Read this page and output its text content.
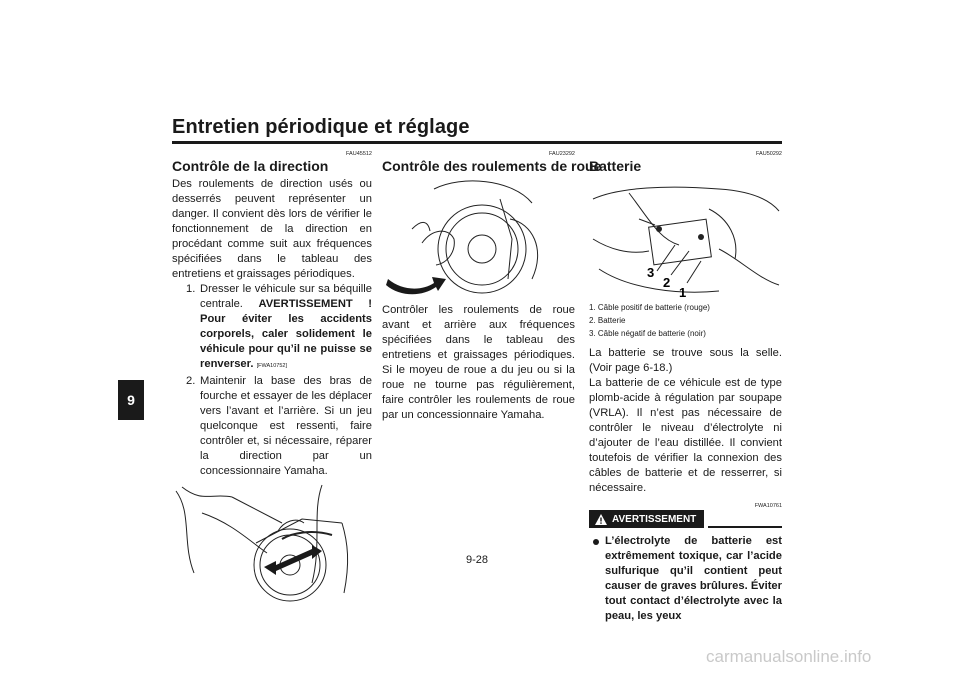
Entretien périodique et réglage
9
FAU45512
Contrôle de la direction

Des roulements de direction usés ou desserrés peuvent représenter un danger. Il convient dès lors de vérifier le fonctionnement de la direction en procédant comme suit aux fréquences spécifiées dans le tableau des entretiens et graissages périodiques.

1. Dresser le véhicule sur sa béquille centrale. AVERTISSEMENT ! Pour éviter les accidents corporels, caler solidement le véhicule pour qu’il ne puisse se renverser. [FWA10752]
2. Maintenir la base des bras de fourche et essayer de les déplacer vers l’avant et l’arrière. Si un jeu quelconque est ressenti, faire contrôler et, si nécessaire, réparer la direction par un concessionnaire Yamaha.
FAU23292
Contrôle des roulements de roue

Contrôler les roulements de roue avant et arrière aux fréquences spécifiées dans le tableau des entretiens et graissages périodiques. Si le moyeu de roue a du jeu ou si la roue ne tourne pas régulièrement, faire contrôler les roulements de roue par un concessionnaire Yamaha.

FAU50292
Batterie
3
2
1
1. Câble positif de batterie (rouge)
2. Batterie
3. Câble négatif de batterie (noir)

La batterie se trouve sous la selle. (Voir page 6-18.)

La batterie de ce véhicule est de type plomb-acide à régulation par soupape (VRLA). Il n’est pas nécessaire de contrôler le niveau d’électrolyte ni d’ajouter de l’eau distillée. Il convient toutefois de vérifier la connexion des câbles de batterie et de resserrer, si nécessaire.

FWA10761
AVERTISSEMENT
L’électrolyte de batterie est extrêmement toxique, car l’acide sulfurique qu’il contient peut causer de graves brûlures. Éviter tout contact d’électrolyte avec la peau, les yeux
9-28
carmanualsonline.info
